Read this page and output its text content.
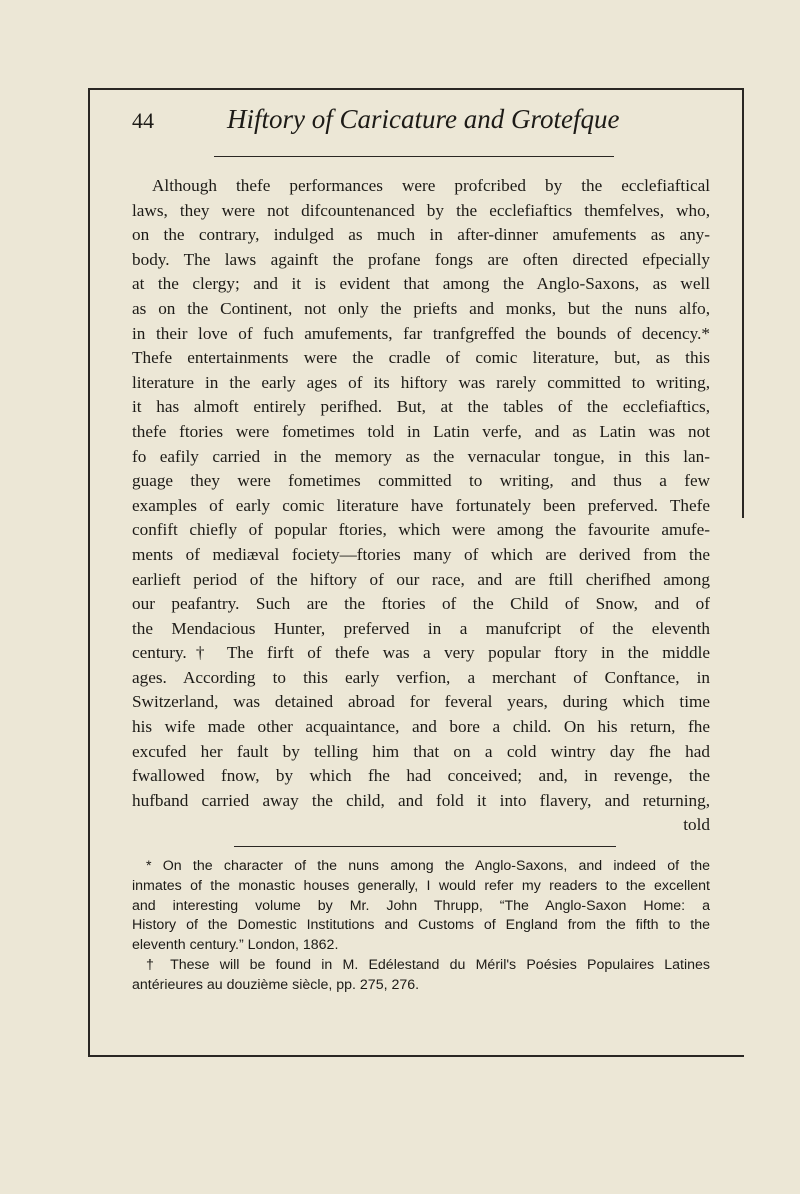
44	Hiftory of Caricature and Grotefque
Although thefe performances were profcribed by the ecclefiaftical
laws, they were not difcountenanced by the ecclefiaftics themfelves, who,
on the contrary, indulged as much in after-dinner amufements as any-
body. The laws againft the profane fongs are often directed efpecially
at the clergy; and it is evident that among the Anglo-Saxons, as well
as on the Continent, not only the priefts and monks, but the nuns alfo,
in their love of fuch amufements, far tranfgreffed the bounds of decency.*
Thefe entertainments were the cradle of comic literature, but, as this
literature in the early ages of its hiftory was rarely committed to writing,
it has almoft entirely perifhed. But, at the tables of the ecclefiaftics,
thefe ftories were fometimes told in Latin verfe, and as Latin was not
fo eafily carried in the memory as the vernacular tongue, in this lan-
guage they were fometimes committed to writing, and thus a few
examples of early comic literature have fortunately been preferved. Thefe
confift chiefly of popular ftories, which were among the favourite amufe-
ments of mediæval fociety—ftories many of which are derived from the
earlieft period of the hiftory of our race, and are ftill cherifhed among
our peafantry. Such are the ftories of the Child of Snow, and of
the Mendacious Hunter, preferved in a manufcript of the eleventh
century.† The firft of thefe was a very popular ftory in the middle
ages. According to this early verfion, a merchant of Conftance, in
Switzerland, was detained abroad for feveral years, during which time
his wife made other acquaintance, and bore a child. On his return, fhe
excufed her fault by telling him that on a cold wintry day fhe had
fwallowed fnow, by which fhe had conceived; and, in revenge, the
hufband carried away the child, and fold it into flavery, and returning,
told
* On the character of the nuns among the Anglo-Saxons, and indeed of the
inmates of the monastic houses generally, I would refer my readers to the excellent
and interesting volume by Mr. John Thrupp, “The Anglo-Saxon Home: a
History of the Domestic Institutions and Customs of England from the fifth to the
eleventh century.” London, 1862.
† These will be found in M. Edélestand du Méril's Poésies Populaires Latines
antérieures au douzième siècle, pp. 275, 276.
